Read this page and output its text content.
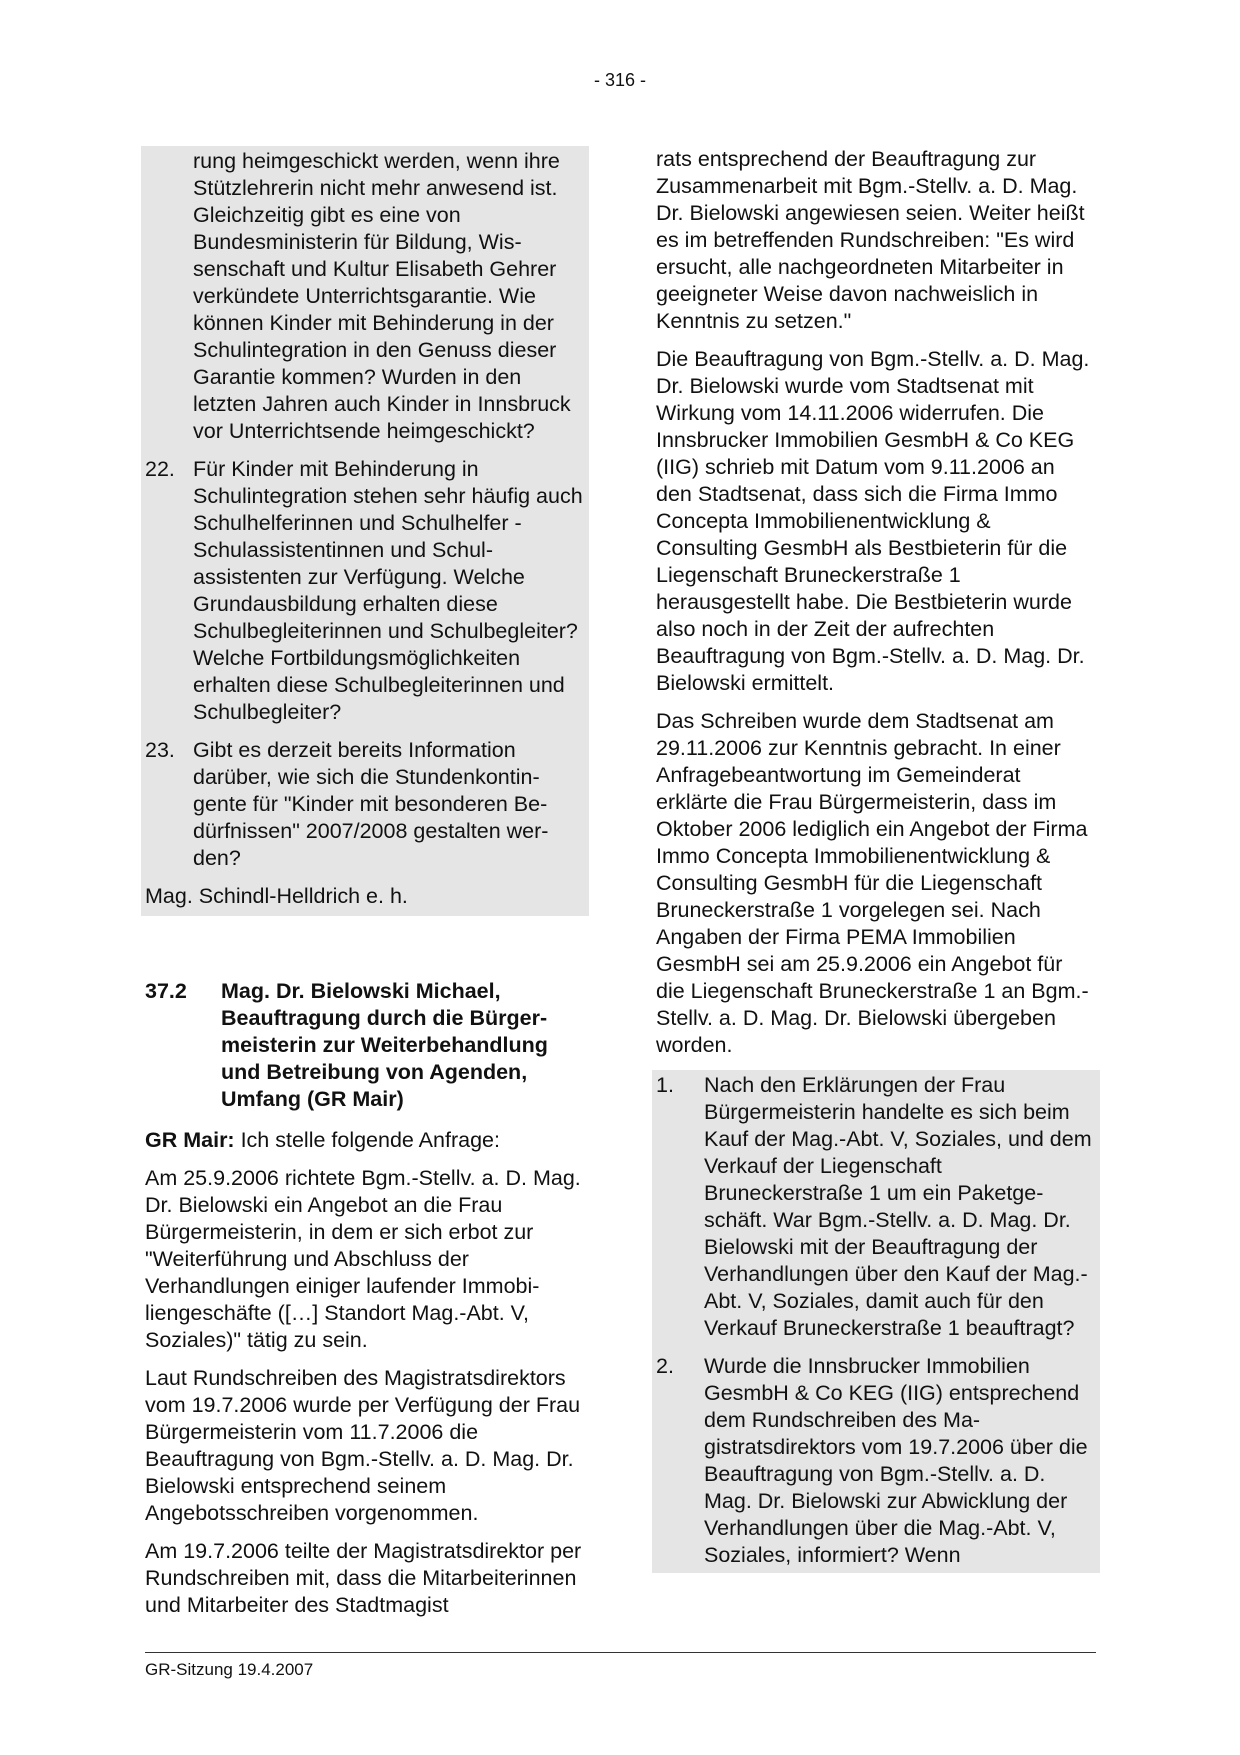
- 316 -
rung heimgeschickt werden, wenn ihre Stützlehrerin nicht mehr anwesend ist. Gleichzeitig gibt es eine von Bundesministerin für Bildung, Wissenschaft und Kultur Elisabeth Gehrer verkündete Unterrichtsgarantie. Wie können Kinder mit Behinderung in der Schulintegration in den Genuss dieser Garantie kommen? Wurden in den letzten Jahren auch Kinder in Innsbruck vor Unterrichtsende heimgeschickt?
22. Für Kinder mit Behinderung in Schulintegration stehen sehr häufig auch Schulhelferinnen und Schulhelfer - Schulassistentinnen und Schulassistenten zur Verfügung. Welche Grundausbildung erhalten diese Schulbegleiterinnen und Schulbegleiter? Welche Fortbildungsmöglichkeiten erhalten diese Schulbegleiterinnen und Schulbegleiter?
23. Gibt es derzeit bereits Information darüber, wie sich die Stundenkontingente für "Kinder mit besonderen Bedürfnissen" 2007/2008 gestalten werden?

Mag. Schindl-Helldrich e. h.

37.2 Mag. Dr. Bielowski Michael, Beauftragung durch die Bürgermeisterin zur Weiterbehandlung und Betreibung von Agenden, Umfang (GR Mair)

GR Mair: Ich stelle folgende Anfrage:

Am 25.9.2006 richtete Bgm.-Stellv. a. D. Mag. Dr. Bielowski ein Angebot an die Frau Bürgermeisterin, in dem er sich erbot zur "Weiterführung und Abschluss der Verhandlungen einiger laufender Immobiliengeschäfte ([…] Standort Mag.-Abt. V, Soziales)" tätig zu sein.

Laut Rundschreiben des Magistratsdirektors vom 19.7.2006 wurde per Verfügung der Frau Bürgermeisterin vom 11.7.2006 die Beauftragung von Bgm.-Stellv. a. D. Mag. Dr. Bielowski entsprechend seinem Angebotsschreiben vorgenommen.

Am 19.7.2006 teilte der Magistratsdirektor per Rundschreiben mit, dass die Mitarbeiterinnen und Mitarbeiter des Stadtmagist

rats entsprechend der Beauftragung zur Zusammenarbeit mit Bgm.-Stellv. a. D. Mag. Dr. Bielowski angewiesen seien. Weiter heißt es im betreffenden Rundschreiben: "Es wird ersucht, alle nachgeordneten Mitarbeiter in geeigneter Weise davon nachweislich in Kenntnis zu setzen."

Die Beauftragung von Bgm.-Stellv. a. D. Mag. Dr. Bielowski wurde vom Stadtsenat mit Wirkung vom 14.11.2006 widerrufen. Die Innsbrucker Immobilien GesmbH & Co KEG (IIG) schrieb mit Datum vom 9.11.2006 an den Stadtsenat, dass sich die Firma Immo Concepta Immobilienentwicklung & Consulting GesmbH als Bestbieterin für die Liegenschaft Bruneckerstraße 1 herausgestellt habe. Die Bestbieterin wurde also noch in der Zeit der aufrechten Beauftragung von Bgm.-Stellv. a. D. Mag. Dr. Bielowski ermittelt.

Das Schreiben wurde dem Stadtsenat am 29.11.2006 zur Kenntnis gebracht. In einer Anfragebeantwortung im Gemeinderat erklärte die Frau Bürgermeisterin, dass im Oktober 2006 lediglich ein Angebot der Firma Immo Concepta Immobilienentwicklung & Consulting GesmbH für die Liegenschaft Bruneckerstraße 1 vorgelegen sei. Nach Angaben der Firma PEMA Immobilien GesmbH sei am 25.9.2006 ein Angebot für die Liegenschaft Bruneckerstraße 1 an Bgm.-Stellv. a. D. Mag. Dr. Bielowski übergeben worden.

1. Nach den Erklärungen der Frau Bürgermeisterin handelte es sich beim Kauf der Mag.-Abt. V, Soziales, und dem Verkauf der Liegenschaft Bruneckerstraße 1 um ein Paketgeschäft. War Bgm.-Stellv. a. D. Mag. Dr. Bielowski mit der Beauftragung der Verhandlungen über den Kauf der Mag.-Abt. V, Soziales, damit auch für den Verkauf Bruneckerstraße 1 beauftragt?
2. Wurde die Innsbrucker Immobilien GesmbH & Co KEG (IIG) entsprechend dem Rundschreiben des Magistratsdirektors vom 19.7.2006 über die Beauftragung von Bgm.-Stellv. a. D. Mag. Dr. Bielowski zur Abwicklung der Verhandlungen über die Mag.-Abt. V, Soziales, informiert? Wenn
GR-Sitzung 19.4.2007
